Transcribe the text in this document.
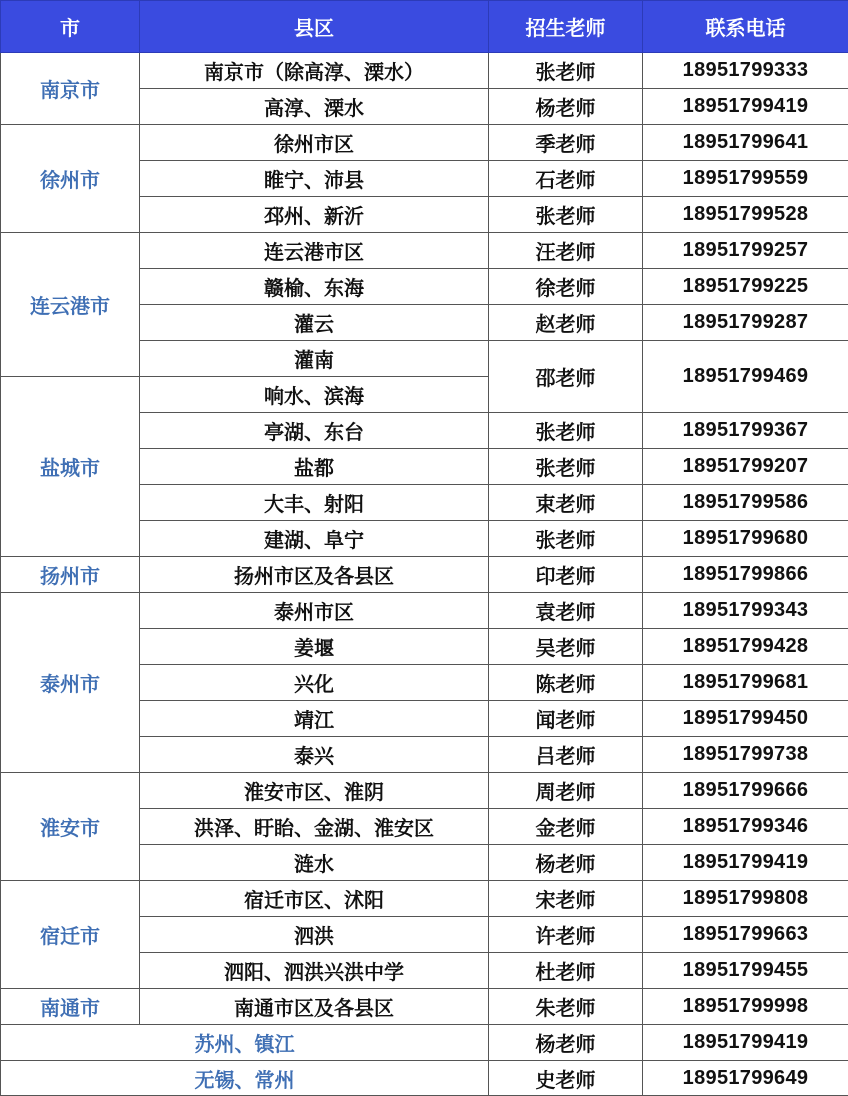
市	县区	招生老师	联系电话
南京市	南京市（除高淳、溧水）	张老师	18951799333
	高淳、溧水	杨老师	18951799419
徐州市	徐州市区	季老师	18951799641
	睢宁、沛县	石老师	18951799559
	邳州、新沂	张老师	18951799528
连云港市	连云港市区	汪老师	18951799257
	赣榆、东海	徐老师	18951799225
	灌云	赵老师	18951799287
	灌南	邵老师	18951799469
盐城市	响水、滨海		
	亭湖、东台	张老师	18951799367
	盐都	张老师	18951799207
	大丰、射阳	束老师	18951799586
	建湖、阜宁	张老师	18951799680
扬州市	扬州市区及各县区	印老师	18951799866
泰州市	泰州市区	袁老师	18951799343
	姜堰	吴老师	18951799428
	兴化	陈老师	18951799681
	靖江	闻老师	18951799450
	泰兴	吕老师	18951799738
淮安市	淮安市区、淮阴	周老师	18951799666
	洪泽、盱眙、金湖、淮安区	金老师	18951799346
	涟水	杨老师	18951799419
宿迁市	宿迁市区、沭阳	宋老师	18951799808
	泗洪	许老师	18951799663
	泗阳、泗洪兴洪中学	杜老师	18951799455
南通市	南通市区及各县区	朱老师	18951799998
苏州、镇江		杨老师	18951799419
无锡、常州		史老师	18951799649
